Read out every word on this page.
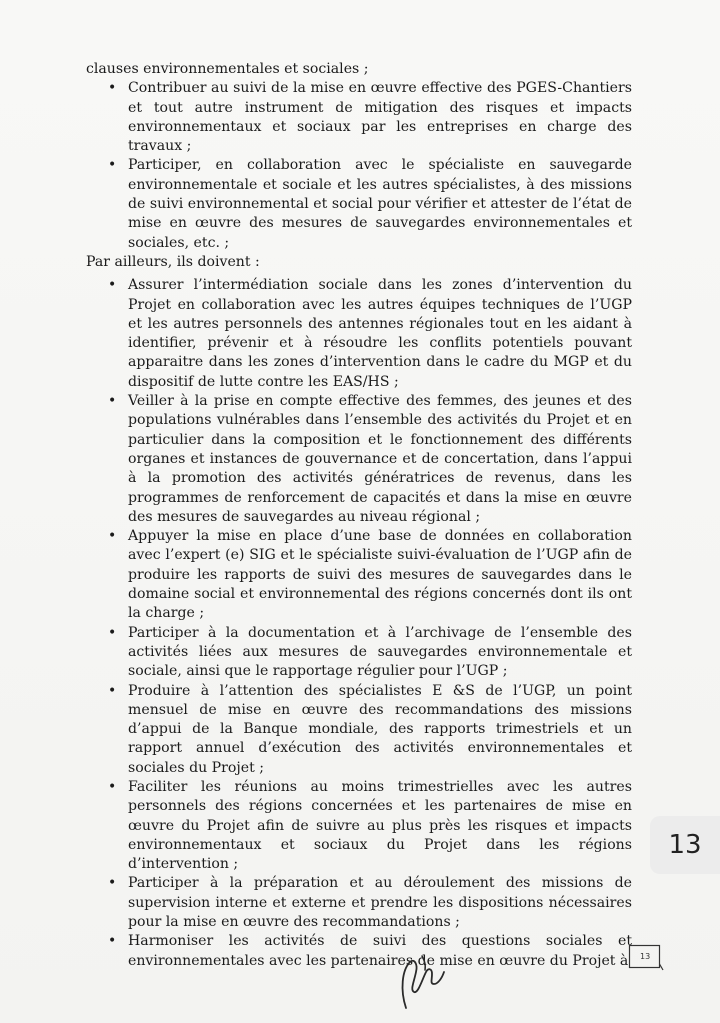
clauses environnementales et sociales ;

• Contribuer au suivi de la mise en œuvre effective des PGES-Chantiers et tout autre instrument de mitigation des risques et impacts environnementaux et sociaux par les entreprises en charge des travaux ;
• Participer, en collaboration avec le spécialiste en sauvegarde environnementale et sociale et les autres spécialistes, à des missions de suivi environnemental et social pour vérifier et attester de l’état de mise en œuvre des mesures de sauvegardes environnementales et sociales, etc. ;

Par ailleurs, ils doivent :

• Assurer l’intermédiation sociale dans les zones d’intervention du Projet en collaboration avec les autres équipes techniques de l’UGP et les autres personnels des antennes régionales tout en les aidant à identifier, prévenir et à résoudre les conflits potentiels pouvant apparaitre dans les zones d’intervention dans le cadre du MGP et du dispositif de lutte contre les EAS/HS ;
• Veiller à la prise en compte effective des femmes, des jeunes et des populations vulnérables dans l’ensemble des activités du Projet et en particulier dans la composition et le fonctionnement des différents organes et instances de gouvernance et de concertation, dans l’appui à la promotion des activités génératrices de revenus, dans les programmes de renforcement de capacités et dans la mise en œuvre des mesures de sauvegardes au niveau régional ;
• Appuyer la mise en place d’une base de données en collaboration avec l’expert (e) SIG et le spécialiste suivi-évaluation de l’UGP afin de produire les rapports de suivi des mesures de sauvegardes dans le domaine social et environnemental des régions concernés dont ils ont la charge ;
• Participer à la documentation et à l’archivage de l’ensemble des activités liées aux mesures de sauvegardes environnementale et sociale, ainsi que le rapportage régulier pour l’UGP ;
• Produire à l’attention des spécialistes E &S de l’UGP, un point mensuel de mise en œuvre des recommandations des missions d’appui de la Banque mondiale, des rapports trimestriels et un rapport annuel d’exécution des activités environnementales et sociales du Projet ;
• Faciliter les réunions au moins trimestrielles avec les autres personnels des régions concernées et les partenaires de mise en œuvre du Projet afin de suivre au plus près les risques et impacts environnementaux et sociaux du Projet dans les régions d’intervention ;
• Participer à la préparation et au déroulement des missions de supervision interne et externe et prendre les dispositions nécessaires pour la mise en œuvre des recommandations ;
• Harmoniser les activités de suivi des questions sociales et environnementales avec les partenaires de mise en œuvre du Projet à
13
13
